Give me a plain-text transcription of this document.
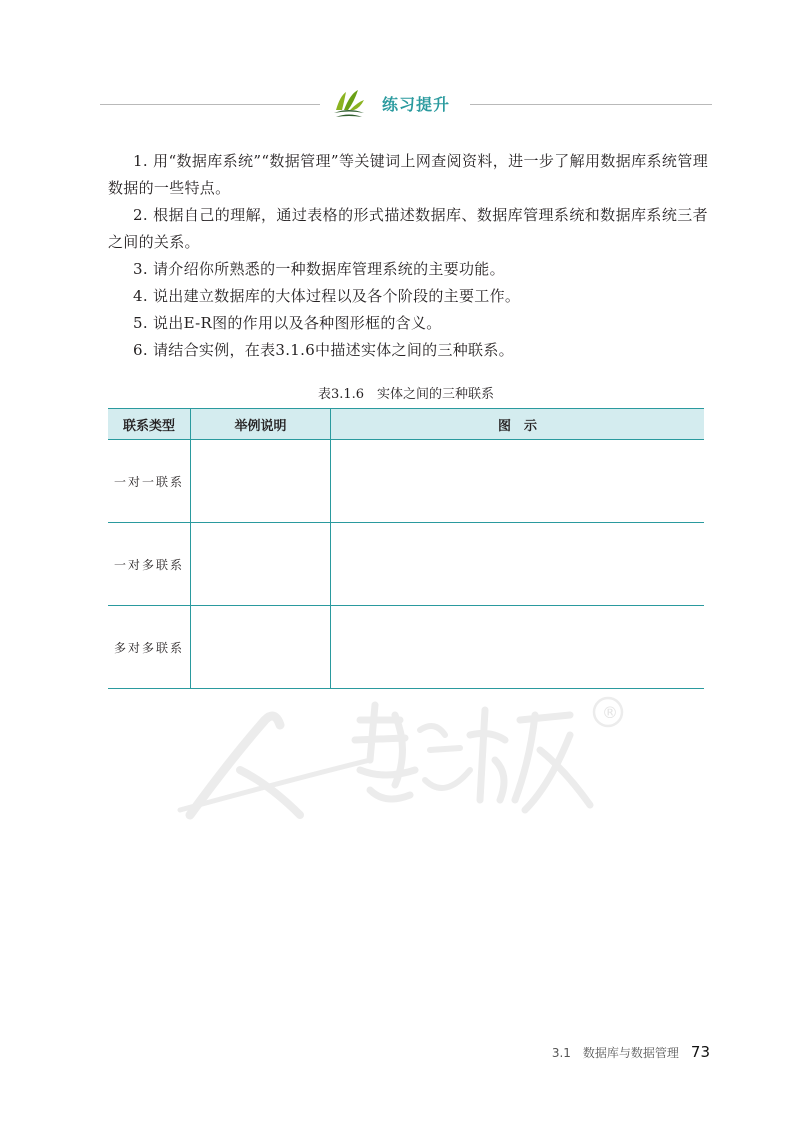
练习提升

1. 用“数据库系统”“数据管理”等关键词上网查阅资料，进一步了解用数据库系统管理数据的一些特点。

2. 根据自己的理解，通过表格的形式描述数据库、数据库管理系统和数据库系统三者之间的关系。

3. 请介绍你所熟悉的一种数据库管理系统的主要功能。

4. 说出建立数据库的大体过程以及各个阶段的主要工作。

5. 说出E-R图的作用以及各种图形框的含义。

6. 请结合实例，在表3.1.6中描述实体之间的三种联系。

表3.1.6　实体之间的三种联系
联系类型	举例说明	图　示
一对一联系		
一对多联系		
多对多联系		
®
3.1　数据库与数据管理 73
